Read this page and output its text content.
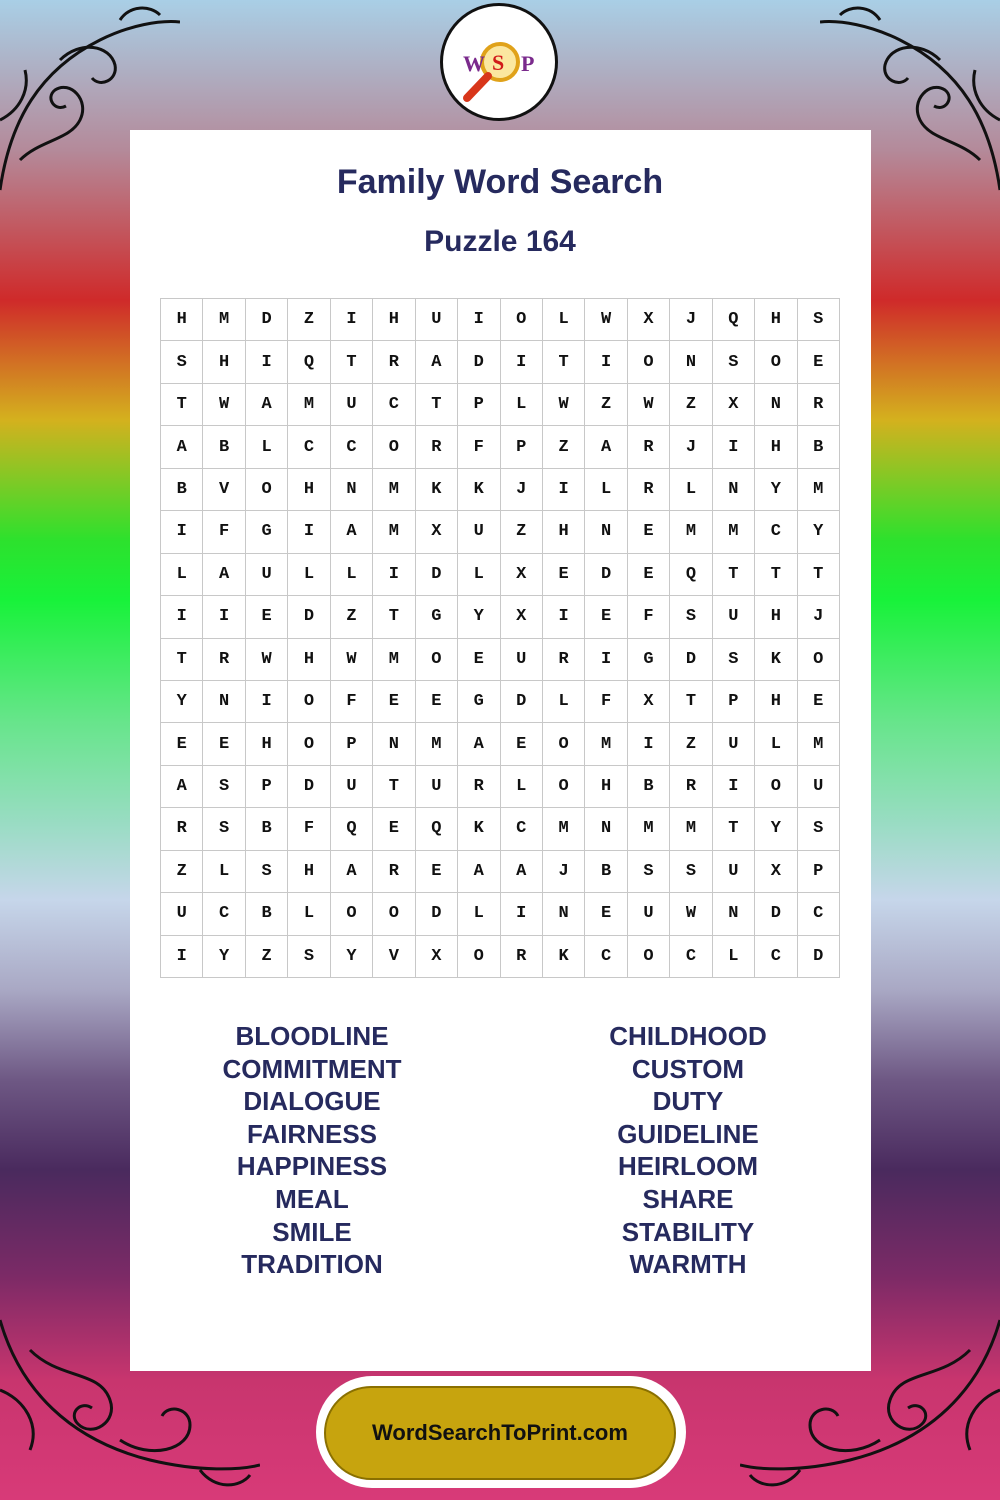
W S P
Family Word Search
Puzzle 164
H	M	D	Z	I	H	U	I	O	L	W	X	J	Q	H	S
S	H	I	Q	T	R	A	D	I	T	I	O	N	S	O	E
T	W	A	M	U	C	T	P	L	W	Z	W	Z	X	N	R
A	B	L	C	C	O	R	F	P	Z	A	R	J	I	H	B
B	V	O	H	N	M	K	K	J	I	L	R	L	N	Y	M
I	F	G	I	A	M	X	U	Z	H	N	E	M	M	C	Y
L	A	U	L	L	I	D	L	X	E	D	E	Q	T	T	T
I	I	E	D	Z	T	G	Y	X	I	E	F	S	U	H	J
T	R	W	H	W	M	O	E	U	R	I	G	D	S	K	O
Y	N	I	O	F	E	E	G	D	L	F	X	T	P	H	E
E	E	H	O	P	N	M	A	E	O	M	I	Z	U	L	M
A	S	P	D	U	T	U	R	L	O	H	B	R	I	O	U
R	S	B	F	Q	E	Q	K	C	M	N	M	M	T	Y	S
Z	L	S	H	A	R	E	A	A	J	B	S	S	U	X	P
U	C	B	L	O	O	D	L	I	N	E	U	W	N	D	C
I	Y	Z	S	Y	V	X	O	R	K	C	O	C	L	C	D
BLOODLINE
COMMITMENT
DIALOGUE
FAIRNESS
HAPPINESS
MEAL
SMILE
TRADITION
CHILDHOOD
CUSTOM
DUTY
GUIDELINE
HEIRLOOM
SHARE
STABILITY
WARMTH
WordSearchToPrint.com
